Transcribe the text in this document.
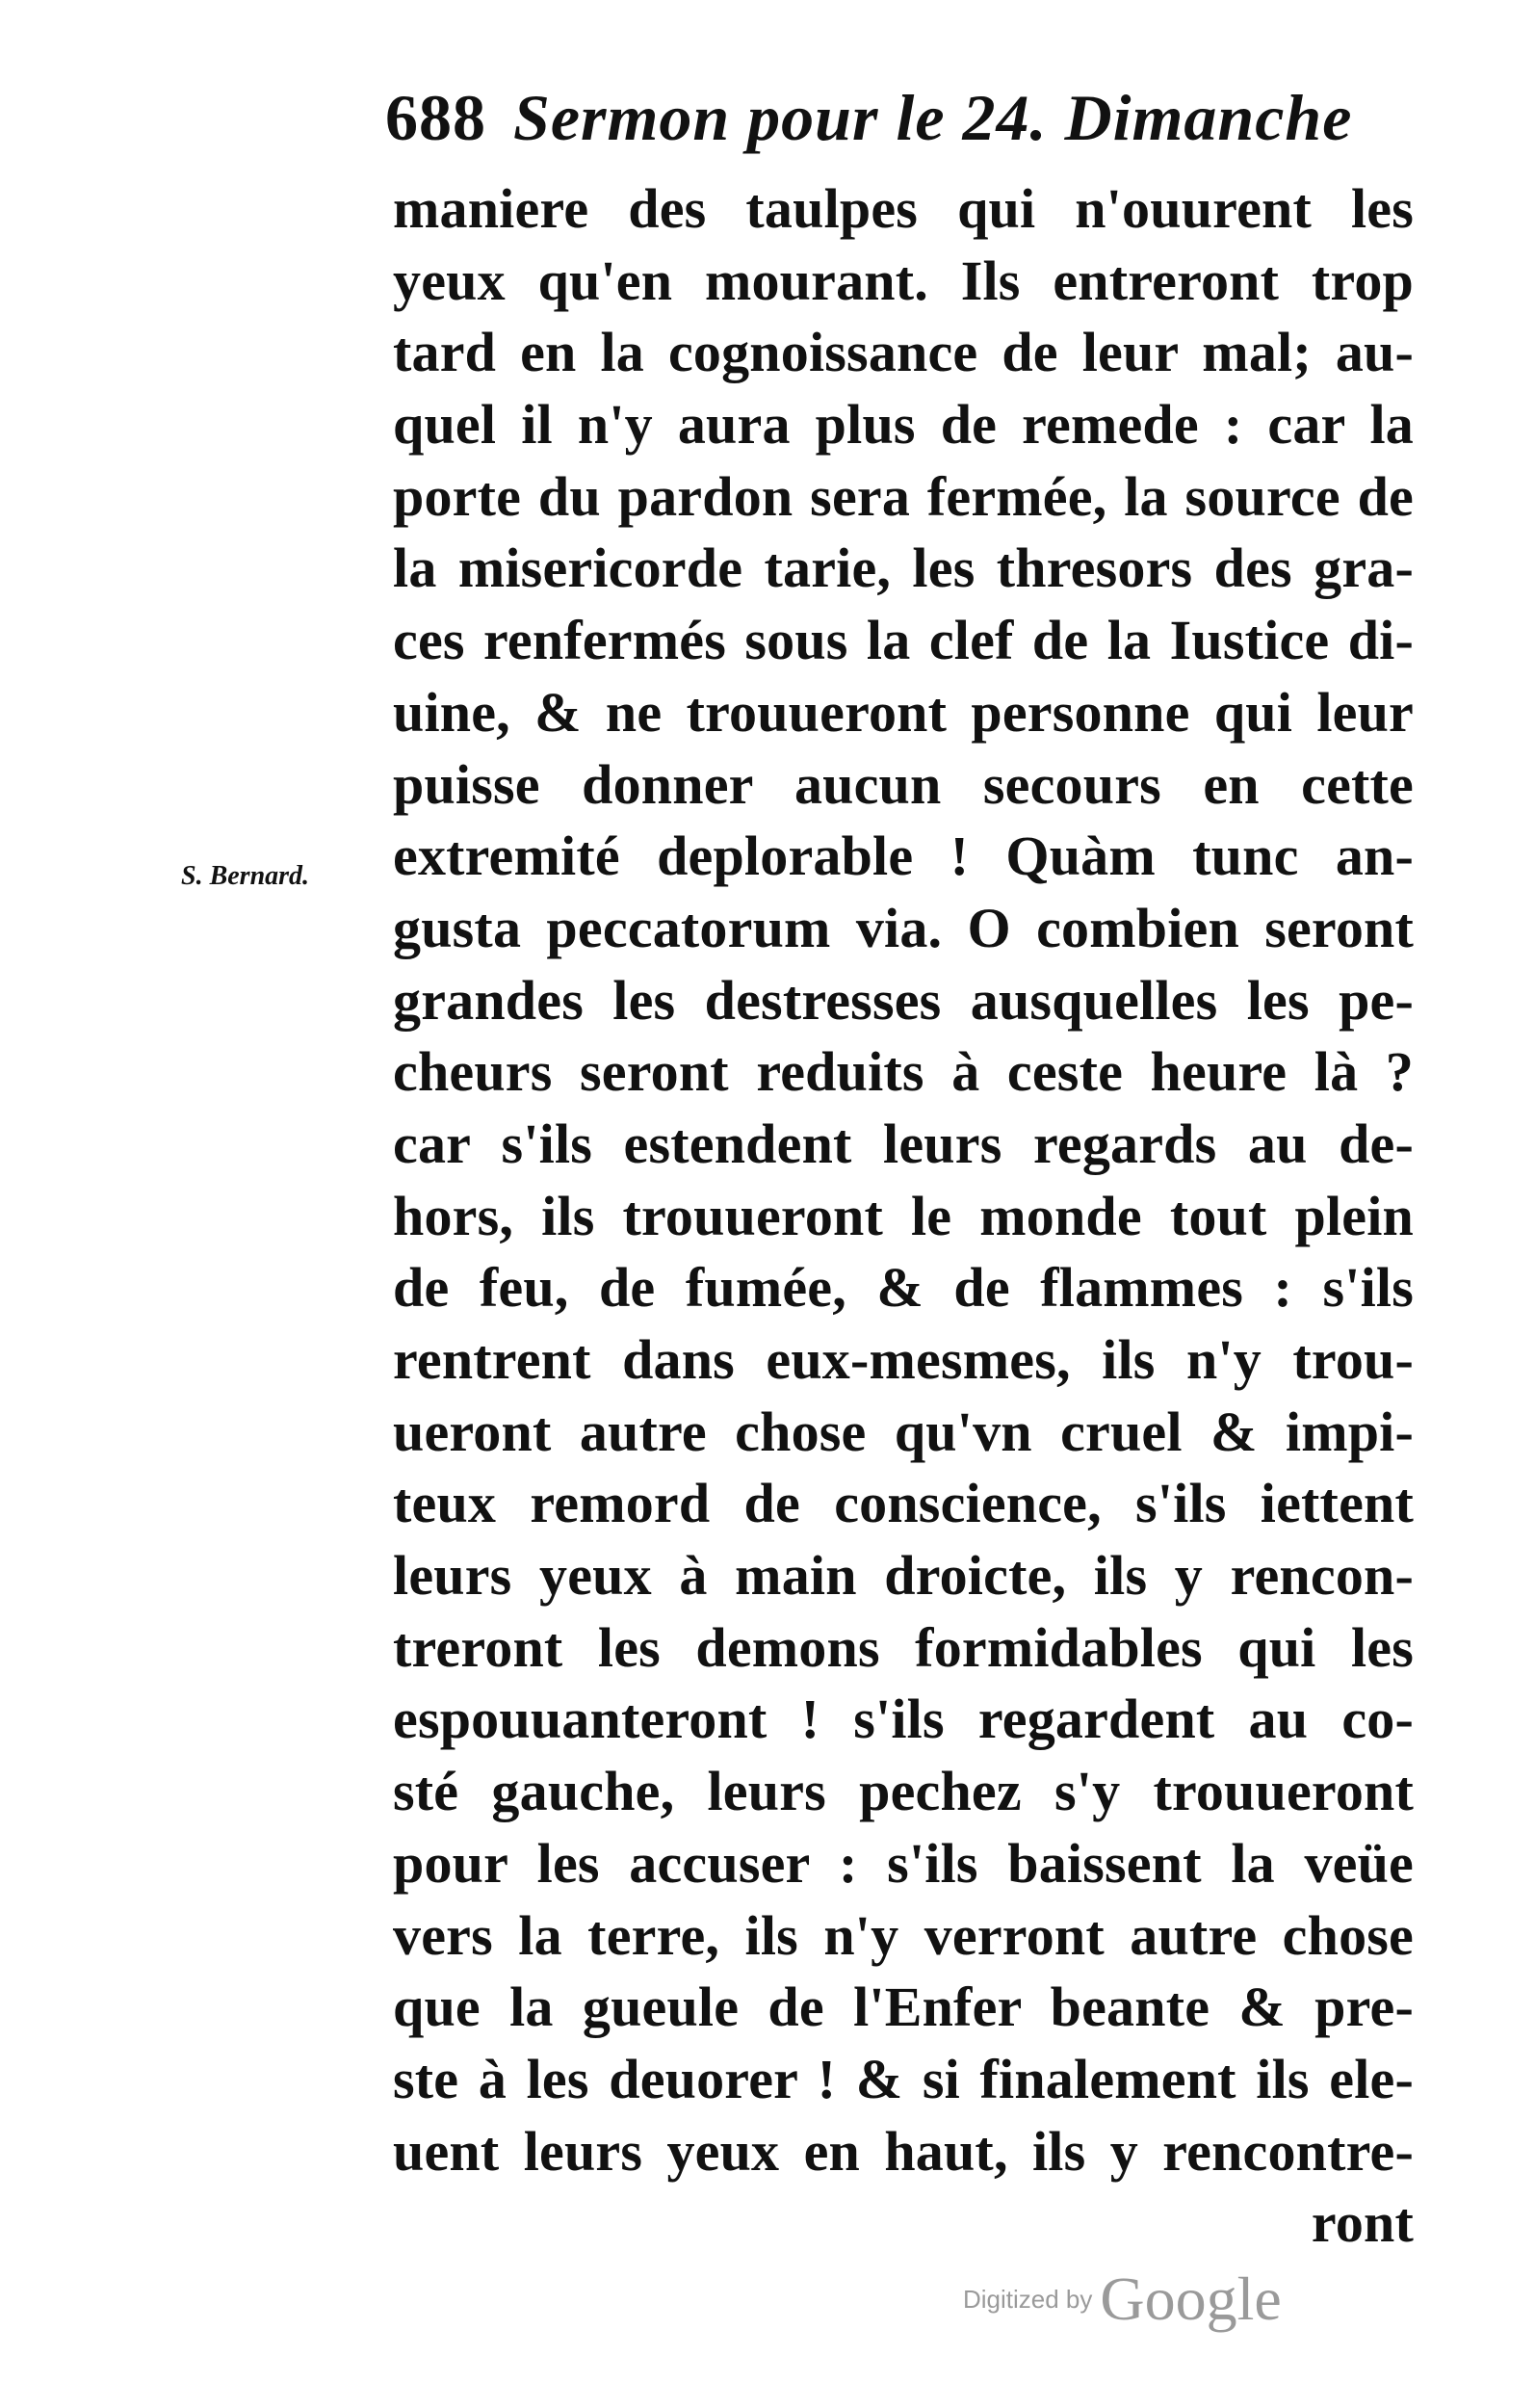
688 Sermon pour le 24. Dimanche
S. Bernard.
maniere des taulpes qui n'ouurent les
yeux qu'en mourant. Ils entreront trop
tard en la cognoissance de leur mal; au-
quel il n'y aura plus de remede : car la
porte du pardon sera fermée, la source de
la misericorde tarie, les thresors des gra-
ces renfermés sous la clef de la Iustice di-
uine, & ne trouueront personne qui leur
puisse donner aucun secours en cette
extremité deplorable ! Quàm tunc an-
gusta peccatorum via. O combien seront
grandes les destresses ausquelles les pe-
cheurs seront reduits à ceste heure là ?
car s'ils estendent leurs regards au de-
hors, ils trouueront le monde tout plein
de feu, de fumée, & de flammes : s'ils
rentrent dans eux-mesmes, ils n'y trou-
ueront autre chose qu'vn cruel & impi-
teux remord de conscience, s'ils iettent
leurs yeux à main droicte, ils y rencon-
treront les demons formidables qui les
espouuanteront ! s'ils regardent au co-
sté gauche, leurs pechez s'y trouueront
pour les accuser : s'ils baissent la veüe
vers la terre, ils n'y verront autre chose
que la gueule de l'Enfer beante & pre-
ste à les deuorer ! & si finalement ils ele-
uent leurs yeux en haut, ils y rencontre-
ront
Digitized by Google
